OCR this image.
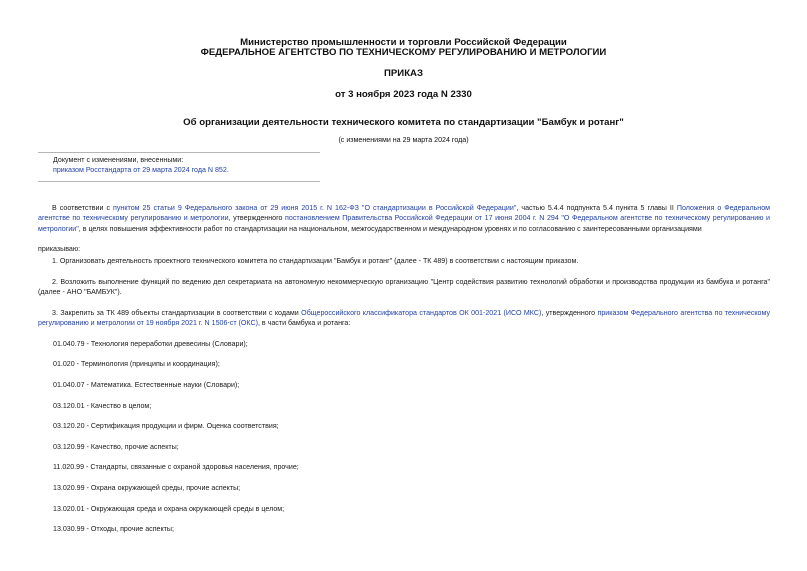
Министерство промышленности и торговли Российской Федерации
ФЕДЕРАЛЬНОЕ АГЕНТСТВО ПО ТЕХНИЧЕСКОМУ РЕГУЛИРОВАНИЮ И МЕТРОЛОГИИ
ПРИКАЗ
от 3 ноября 2023 года N 2330
Об организации деятельности технического комитета по стандартизации "Бамбук и ротанг"
(с изменениями на 29 марта 2024 года)
Документ с изменениями, внесенными:
приказом Росстандарта от 29 марта 2024 года N 852.
В соответствии с пунктом 25 статьи 9 Федерального закона от 29 июня 2015 г. N 162-ФЗ "О стандартизации в Российской Федерации", частью 5.4.4 подпункта 5.4 пункта 5 главы II Положения о Федеральном агентстве по техническому регулированию и метрологии, утвержденного постановлением Правительства Российской Федерации от 17 июня 2004 г. N 294 "О Федеральном агентстве по техническому регулированию и метрологии", в целях повышения эффективности работ по стандартизации на национальном, межгосударственном и международном уровнях и по согласованию с заинтересованными организациями
приказываю:
1. Организовать деятельность проектного технического комитета по стандартизации "Бамбук и ротанг" (далее - ТК 489) в соответствии с настоящим приказом.
2. Возложить выполнение функций по ведению дел секретариата на автономную некоммерческую организацию "Центр содействия развитию технологий обработки и производства продукции из бамбука и ротанга" (далее - АНО "БАМБУК").
3. Закрепить за ТК 489 объекты стандартизации в соответствии с кодами Общероссийского классификатора стандартов ОК 001-2021 (ИСО МКС), утвержденного приказом Федерального агентства по техническому регулированию и метрологии от 19 ноября 2021 г. N 1506-ст (ОКС), в части бамбука и ротанга:
01.040.79 - Технология переработки древесины (Словари);
01.020 - Терминология (принципы и координация);
01.040.07 - Математика. Естественные науки (Словари);
03.120.01 - Качество в целом;
03.120.20 - Сертификация продукции и фирм. Оценка соответствия;
03.120.99 - Качество, прочие аспекты;
11.020.99 - Стандарты, связанные с охраной здоровья населения, прочие;
13.020.99 - Охрана окружающей среды, прочие аспекты;
13.020.01 - Окружающая среда и охрана окружающей среды в целом;
13.030.99 - Отходы, прочие аспекты;
